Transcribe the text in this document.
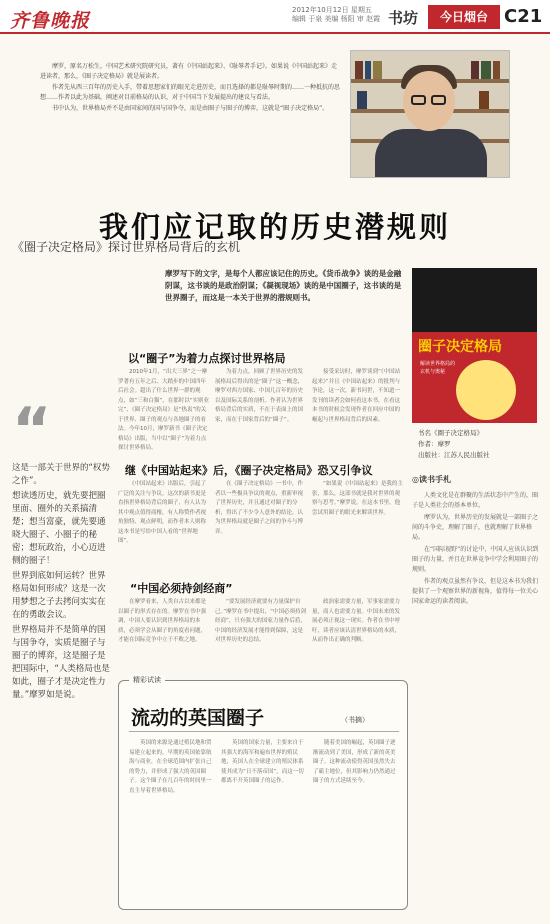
齐鲁晚报	2012年10月12日 星期五
编辑 于泉 美编 杨阳 审 赵霞 书坊	今日烟台 C21

摩罗，原名万松生，中国艺术研究院研究员，著有《中国站起来》、《耻辱者手记》。如果说《中国站起来》走进读者，那么，《圈子决定格局》就是展读者。

作者先从西三百年的历史入手，带着思想家们的眼光走进历史，而且选择的都是耻辱时期的……一种抵抗的思想……作者以此为基础，阐述对目前格局的认识，对于中国当下发展提出的建议与看法。

书中认为，世界格局并不是由国家间的国与国争夺，而是由圈子与圈子的博弈，这就是“圈子决定格局”。

我们应记取的历史潜规则
《圈子决定格局》探讨世界格局背后的玄机
摩罗写下的文字，是每个人都应该记住的历史。《货币战争》谈的是金融阴谋，这书谈的是政治阴谋；《凝视现场》谈的是中国圈子，这书谈的是世界圈子，而这是一本关于世界的潜规则书。
圈子决定格局
解读世界格局的玄机与奥秘
书名《圈子决定格局》
作者：摩罗
出版社：江苏人民出版社
◎读书手札

人类文化是在群聚的生活状态中产生的，圈子是人类社会的基本单位。

摩罗认为，世界历史的发展就是一部圈子之间的斗争史，理解了圈子，也就理解了世界格局。

在“国际视野”的讨论中，中国人应该认识到圈子的力量，并且在世界竞争中学会利用圈子的规则。

作者的观点虽然有争议，但是这本书为我们提供了一个观察世界的新视角，值得每一位关心国家命运的读者阅读。

“
这是一部关于世界的“权势之作”。
想读透历史，就先要把圈里面、圈外的关系搞清楚；想当富豪，就先要通晓大圈子、小圈子的秘密；想玩政治，小心迈进侧的圈子！
世界到底如何运转？世界格局如何形成？这是一次用梦想之子去拷问实实在在的勇敢会议。
世界格局并不是简单的国与国争夺，实质是圈子与圈子的博弈，这是圈子是把国际中，“人类格局也是如此，圈子才是决定性力量。”摩罗如是说。
以“圈子”为着力点探讨世界格局

2010年1月，“出大三界”之一摩罗著有五年之后、大踏步的中国四年后社会。超出了什么世界一群的观点，如“三和白猫”，在那时以“实则业完”、《圈子决定格局》是“热衷”的关于世界、圈子的观点与各地圈子的看法。今年10月，摩罗新书《圈子决定格局》出版，当中以“圈子”为着力点探讨世界格局。

为着力点，回顾了世界历史的发展格局后得出的是“圈子”这一概念，摩罗对西方国家、中国几百年的历史以及国际关系的剖析。作者认为世界格局背后的实质，不在于表面上的国家，而在于国家背后的“圈子”。

接受采访时，摩罗谈到“《中国站起来》”并且《中国站起来》的批判与争论，这一次，新书问世，不知道一发刊的读者会如何看这本书，在看这本书的时候会发现作者在回应中国的崛起与世界格局背后的因素。

继《中国站起来》后，《圈子决定格局》恐又引争议

《中国站起来》出版后，引起了广泛的关注与争议。这次的新书更是直指世界格局背后的圈子，有人认为其中观点值得商榷，有人称赞作者视角独特、观点鲜明，而作者本人则称这本书是写给中国人看的“世界地图”。

在《圈子决定格局》一书中，作者以一些极具争议的观点，重新审视了世界历史，并且通过对圈子的分析，得出了不少令人意外的结论，认为世界格局就是圈子之间的争斗与博弈。

“如果说《中国站起来》是我的主张，那么，这部书就是我对世界的观察与思考。”摩罗说，在这本书里，他尝试用圈子的眼光来解读世界。

“中国必须持剑经商”

在摩罗看来，人类自古以来都是以圈子的形式存在的。摩罗在书中强调，中国人要认识到世界格局的本质，必须学会从圈子的角度看问题，才能在国际竞争中立于不败之地。

“要发展经济就要有力量保护自己。”摩罗在书中提出，“中国必须持剑经商”，只有强大的国家力量作后盾，中国的经济发展才能得到保障，这是对世界历史的总结。

政治家需要力量，军事家需要力量，商人也需要力量。中国未来的发展必须正视这一现实。作者在书中呼吁，读者应该认清世界格局的本质，从而作出正确的判断。

精彩试读
流动的英国圈子	（书摘）

英国的来源是通过殖民地和贸易建立起来的，早期的英国依靠航海与商业，在全球范围内扩张自己的势力，并形成了强大的英国圈子。这个圈子在几百年的时间里一直主导着世界格局。

英国的国家力量，主要来自于其强大的海军和遍布世界的殖民地，英国人在全球建立的殖民体系使其成为“日不落帝国”，而这一切都离不开英国圈子的运作。

随着美国的崛起，英国圈子逐渐流动到了美国，形成了新的英美圈子。这种流动使得英国虽然失去了霸主地位，但其影响力仍然通过圈子的方式延续至今。
